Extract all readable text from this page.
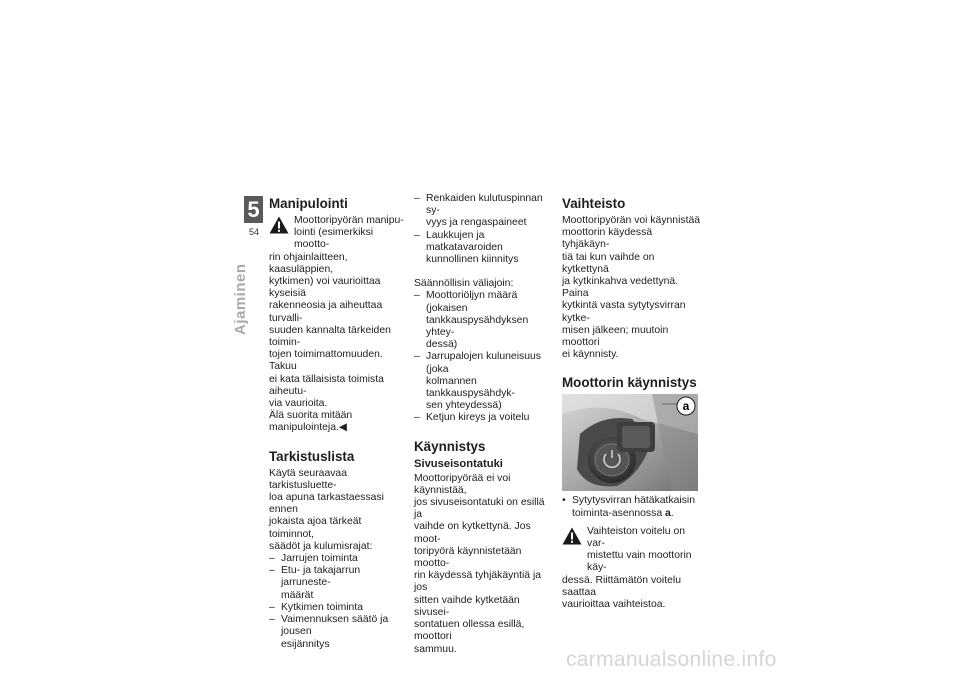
5
54
Ajaminen
Manipulointi

Moottoripyörän manipu-

lointi (esimerkiksi mootto-

rin ohjainlaitteen, kaasuläppien,

kytkimen) voi vaurioittaa kyseisiä

rakenneosia ja aiheuttaa turvalli-

suuden kannalta tärkeiden toimin-

tojen toimimattomuuden. Takuu

ei kata tällaisista toimista aiheutu-

via vaurioita.

Älä suorita mitään

manipulointeja.◀

Tarkistuslista

Käytä seuraavaa tarkistusluette-

loa apuna tarkastaessasi ennen

jokaista ajoa tärkeät toiminnot,

säädöt ja kulumisrajat:

– Jarrujen toiminta
– Etu- ja takajarrun jarruneste-
määrät
– Kytkimen toiminta
– Vaimennuksen säätö ja jousen
esijännitys
– Renkaiden kulutuspinnan sy-
vyys ja rengaspaineet
– Laukkujen ja matkatavaroiden
kunnollinen kiinnitys

Säännöllisin väliajoin:

– Moottoriöljyn määrä (jokaisen
tankkauspysähdyksen yhtey-
dessä)
– Jarrupalojen kuluneisuus (joka
kolmannen tankkauspysähdyk-
sen yhteydessä)
– Ketjun kireys ja voitelu
Käynnistys
Sivuseisontatuki

Moottoripyörää ei voi käynnistää,

jos sivuseisontatuki on esillä ja

vaihde on kytkettynä. Jos moot-

toripyörä käynnistetään mootto-

rin käydessä tyhjäkäyntiä ja jos

sitten vaihde kytketään sivusei-

sontatuen ollessa esillä, moottori

sammuu.

Vaihteisto

Moottoripyörän voi käynnistää

moottorin käydessä tyhjäkäyn-

tiä tai kun vaihde on kytkettynä

ja kytkinkahva vedettynä. Paina

kytkintä vasta sytytysvirran kytke-

misen jälkeen; muutoin moottori

ei käynnisty.

Moottorin käynnistys
a
• Sytytysvirran hätäkatkaisin
toiminta-asennossa a.

Vaihteiston voitelu on var-

mistettu vain moottorin käy-

dessä. Riittämätön voitelu saattaa

vaurioittaa vaihteistoa.

carmanualsonline.info
